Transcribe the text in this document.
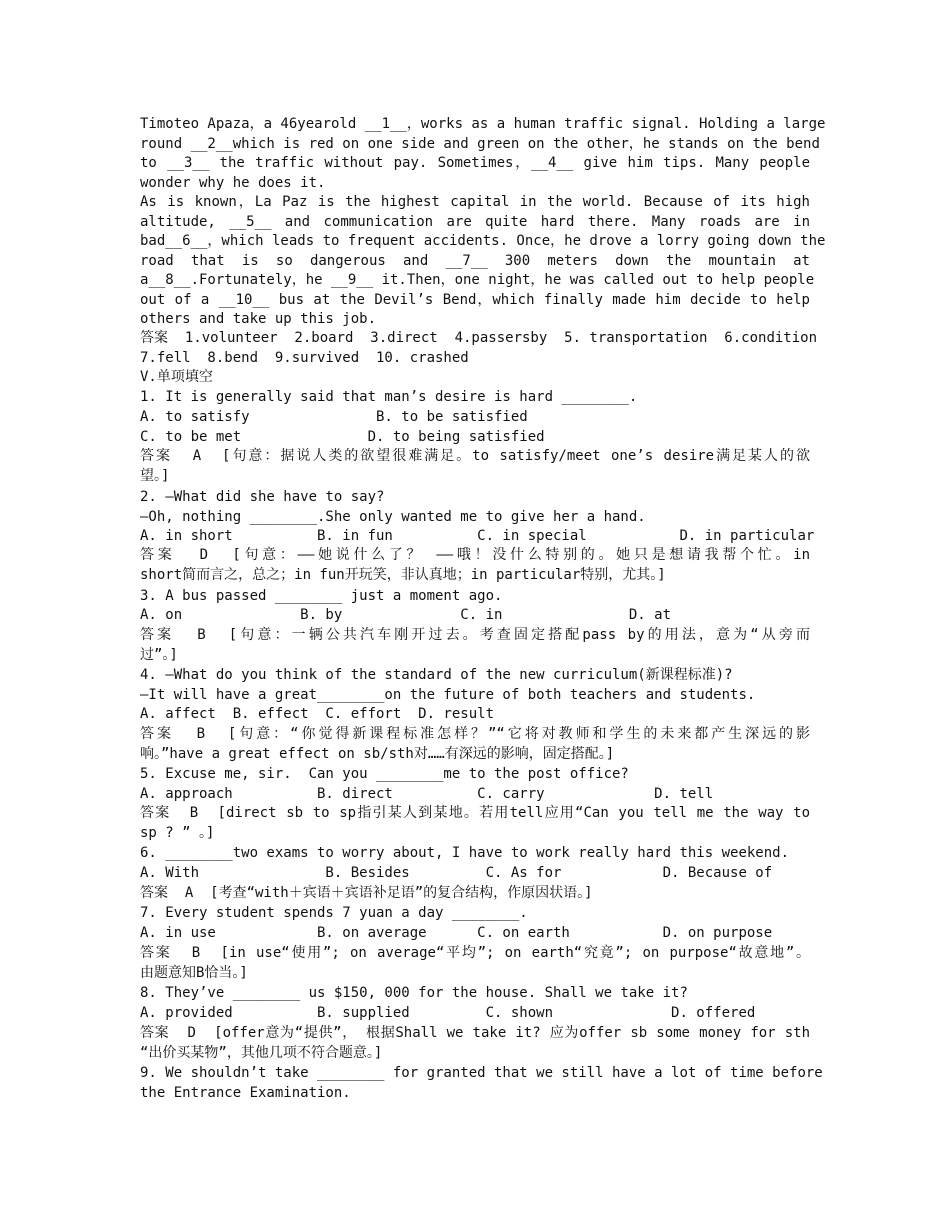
Timoteo Apaza，a 46yearold __1__，works as a human traffic signal. Holding a large
round __2__which is red on one side and green on the other，he stands on the bend
to __3__ the traffic without pay. Sometimes，__4__ give him tips. Many people
wonder why he does it.
As is known，La Paz is the highest capital in the world. Because of its high
altitude, __5__ and communication are quite hard there. Many roads are in
bad__6__，which leads to frequent accidents. Once，he drove a lorry going down the
road that is so dangerous and __7__ 300 meters down the mountain at
a__8__.Fortunately，he __9__ it.Then，one night，he was called out to help people
out of a __10__ bus at the Devil’s Bend，which finally made him decide to help
others and take up this job.
答案  1.volunteer  2.board  3.direct  4.passersby  5. transportation  6.condition
7.fell  8.bend  9.survived  10. crashed
V.单项填空
1. It is generally said that man’s desire is hard ________.
A. to satisfy               B. to be satisfied
C. to be met               D. to being satisfied
答案  A  [句意：据说人类的欲望很难满足。to satisfy/meet one’s desire满足某人的欲
望。]
2. —What did she have to say?
—Oh, nothing ________.She only wanted me to give her a hand.
A. in short          B. in fun          C. in special           D. in particular
答案  D  [句意：——她说什么了？ ——哦！没什么特别的。她只是想请我帮个忙。in
short简而言之，总之；in fun开玩笑，非认真地；in particular特别，尤其。]
3. A bus passed ________ just a moment ago.
A. on              B. by              C. in               D. at
答案  B  [句意：一辆公共汽车刚开过去。考查固定搭配pass by的用法，意为“从旁而
过”。]
4. —What do you think of the standard of the new curriculum(新课程标准)?
—It will have a great________on the future of both teachers and students.
A. affect  B. effect  C. effort  D. result
答案  B  [句意：“你觉得新课程标准怎样？”“它将对教师和学生的未来都产生深远的影
响。”have a great effect on sb/sth对……有深远的影响，固定搭配。]
5. Excuse me, sir.  Can you ________me to the post office?
A. approach          B. direct          C. carry             D. tell
答案  B  [direct sb to sp指引某人到某地。若用tell应用“Can you tell me the way to
sp ? ” 。]
6. ________two exams to worry about, I have to work really hard this weekend.
A. With               B. Besides         C. As for            D. Because of
答案  A  [考查“with＋宾语＋宾语补足语”的复合结构，作原因状语。]
7. Every student spends 7 yuan a day ________.
A. in use            B. on average      C. on earth           D. on purpose
答案  B  [in use“使用”; on average“平均”; on earth“究竟”; on purpose“故意地”。
由题意知B恰当。]
8. They’ve ________ us $150, 000 for the house. Shall we take it?
A. provided          B. supplied         C. shown              D. offered
答案  D  [offer意为“提供”， 根据Shall we take it? 应为offer sb some money for sth
“出价买某物”，其他几项不符合题意。]
9. We shouldn’t take ________ for granted that we still have a lot of time before
the Entrance Examination.
